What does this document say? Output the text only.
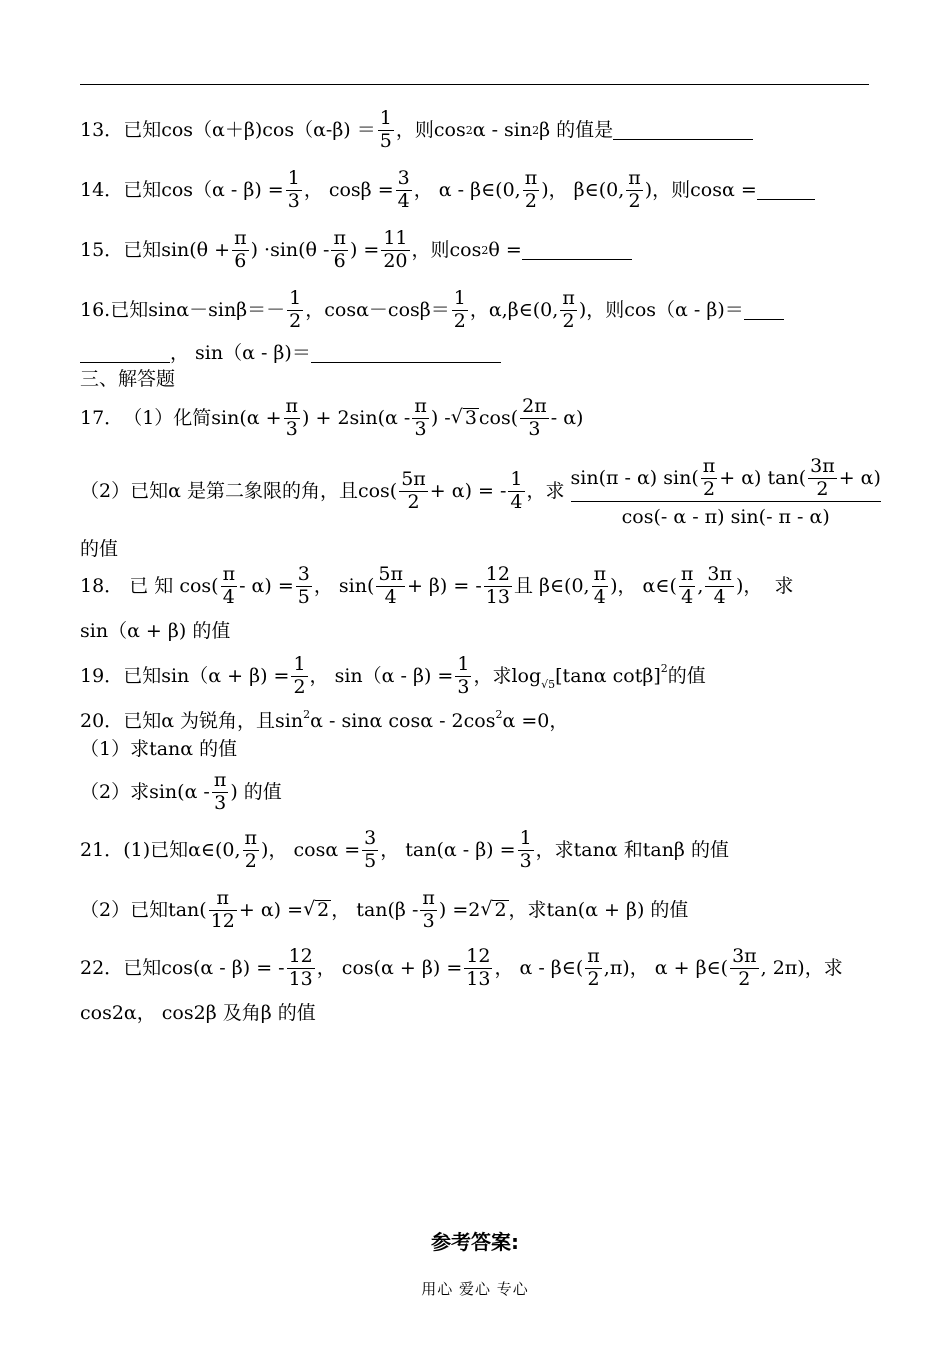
13． 已知$\cos(\alpha+\beta)\cos(\alpha-\beta) = \frac{1}{5}$ ，则cos 2 α - sin 2 β 的值是
14． 已知$\cos(\alpha - \beta) = \frac{1}{3}$ ， $\cos\beta = \frac{3}{4}$ ， α - β∈(0, $\frac{\pi}{2}$ )， β∈(0, $\frac{\pi}{2}$ )，则cosα =
15． 已知$\sin(\theta + \frac{\pi}{6}$ ) $\cdot\sin(\theta - \frac{\pi}{6}$ ) = $\frac{11}{20}$ ，则cos 2 θ =
16. 已知$\sin\alpha-\sin\beta=- \frac{1}{2}$ ，$\cos\alpha-\cos\beta= \frac{1}{2}$ ，α,β∈(0, $\frac{\pi}{2}$ )，则cos（α - β)＝
， sin（α - β)＝
三、解答题
17． （1）化简$\sin(\alpha + \frac{\pi}{3}$ ) + $2\sin(\alpha - \frac{\pi}{3}$ ) - √ 3 $\cos( \frac{2\pi}{3} - \alpha)$
（2）已知α 是第二象限的角，且$\cos( \frac{5\pi}{2} + \alpha)$ = - $\frac{1}{4}$ ，求
sin(π - α) $\sin( \frac{\pi}{2} + \alpha)$ $\tan( \frac{3\pi}{2} + \alpha)$
cos(- α - π) sin(- π - α)
的值
18．
已 知
$\cos( \frac{\pi}{4} - \alpha) = \frac{3}{5}$ ，
$\sin( \frac{5\pi}{4} + \beta)$ = - $\frac{12}{13}$ 且 β∈(0, $\frac{\pi}{4}$ )，
α∈( $\frac{\pi}{4}$ , $\frac{3\pi}{4}$ )，
求
sin（α + β) 的值
19． 已知$\sin(\alpha + \beta) = \frac{1}{2}$ ， $\sin(\alpha - \beta) = \frac{1}{3}$ ，求$\log_{√5} [\tan\alpha$ cotβ]$^2$ 的值
20． 已知α 为锐角，且$\sin^2 \alpha$ - sinα cosα - $2\cos^2$ α =0，
（1）求tanα 的值
（2）求$\sin(\alpha - \frac{\pi}{3}$ ) 的值
21． (1)已知α∈(0, $\frac{\pi}{2}$ )， $\cos\alpha = \frac{3}{5}$ ， $\tan(\alpha - \beta) = \frac{1}{3}$ ，求tanα 和tanβ 的值
（2）已知$\tan( \frac{\pi}{12} + \alpha)$ = √ 2 ， $\tan(\beta - \frac{\pi}{3}$ ) =2 √ 2 ，求tan(α + β) 的值
22． 已知cos(α - β) = - $\frac{12}{13}$ ， $\cos(\alpha + \beta) = \frac{12}{13}$ ， α - β∈( $\frac{\pi}{2} ,\pi$)， α + β∈( $\frac{3\pi}{2}$ , 2π)，求
cos2α， cos2β 及角β 的值
参考答案:
用心 爱心 专心
